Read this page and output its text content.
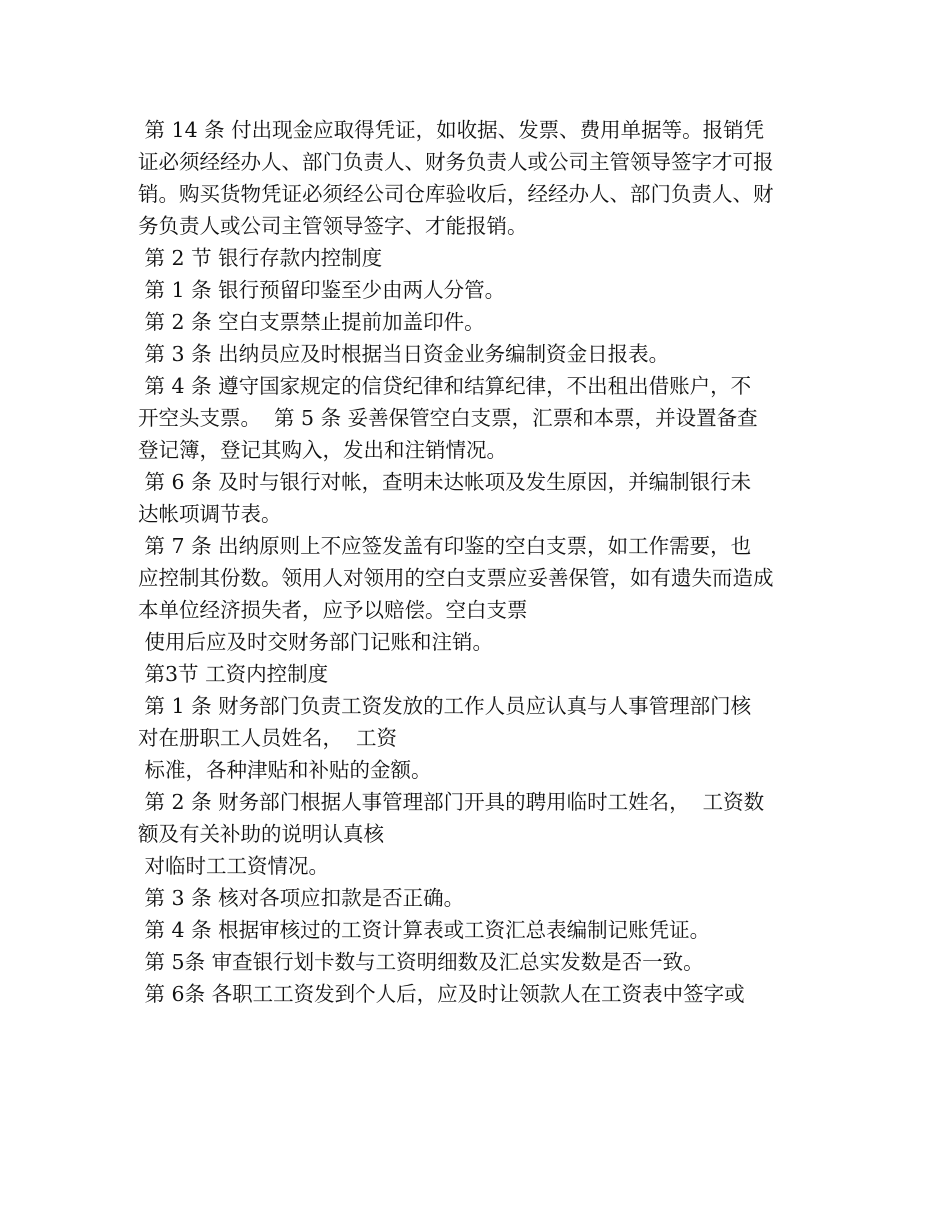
第 14 条 付出现金应取得凭证，如收据、发票、费用单据等。报销凭
证必须经经办人、部门负责人、财务负责人或公司主管领导签字才可报
销。购买货物凭证必须经公司仓库验收后，经经办人、部门负责人、财
务负责人或公司主管领导签字、才能报销。
第 2 节 银行存款内控制度
第 1 条 银行预留印鉴至少由两人分管。
第 2 条 空白支票禁止提前加盖印件。
第 3 条 出纳员应及时根据当日资金业务编制资金日报表。
第 4 条 遵守国家规定的信贷纪律和结算纪律，不出租出借账户，不
开空头支票。  第 5 条 妥善保管空白支票，汇票和本票，并设置备查
登记簿，登记其购入，发出和注销情况。
第 6 条 及时与银行对帐，查明未达帐项及发生原因，并编制银行未
达帐项调节表。
第 7 条 出纳原则上不应签发盖有印鉴的空白支票，如工作需要，也
应控制其份数。领用人对领用的空白支票应妥善保管，如有遗失而造成
本单位经济损失者，应予以赔偿。空白支票
使用后应及时交财务部门记账和注销。
第3节 工资内控制度
第 1 条 财务部门负责工资发放的工作人员应认真与人事管理部门核
对在册职工人员姓名，  工资
标准，各种津贴和补贴的金额。
第 2 条 财务部门根据人事管理部门开具的聘用临时工姓名，  工资数
额及有关补助的说明认真核
对临时工工资情况。
第 3 条 核对各项应扣款是否正确。
第 4 条 根据审核过的工资计算表或工资汇总表编制记账凭证。
第 5条 审查银行划卡数与工资明细数及汇总实发数是否一致。
第 6条 各职工工资发到个人后，应及时让领款人在工资表中签字或
